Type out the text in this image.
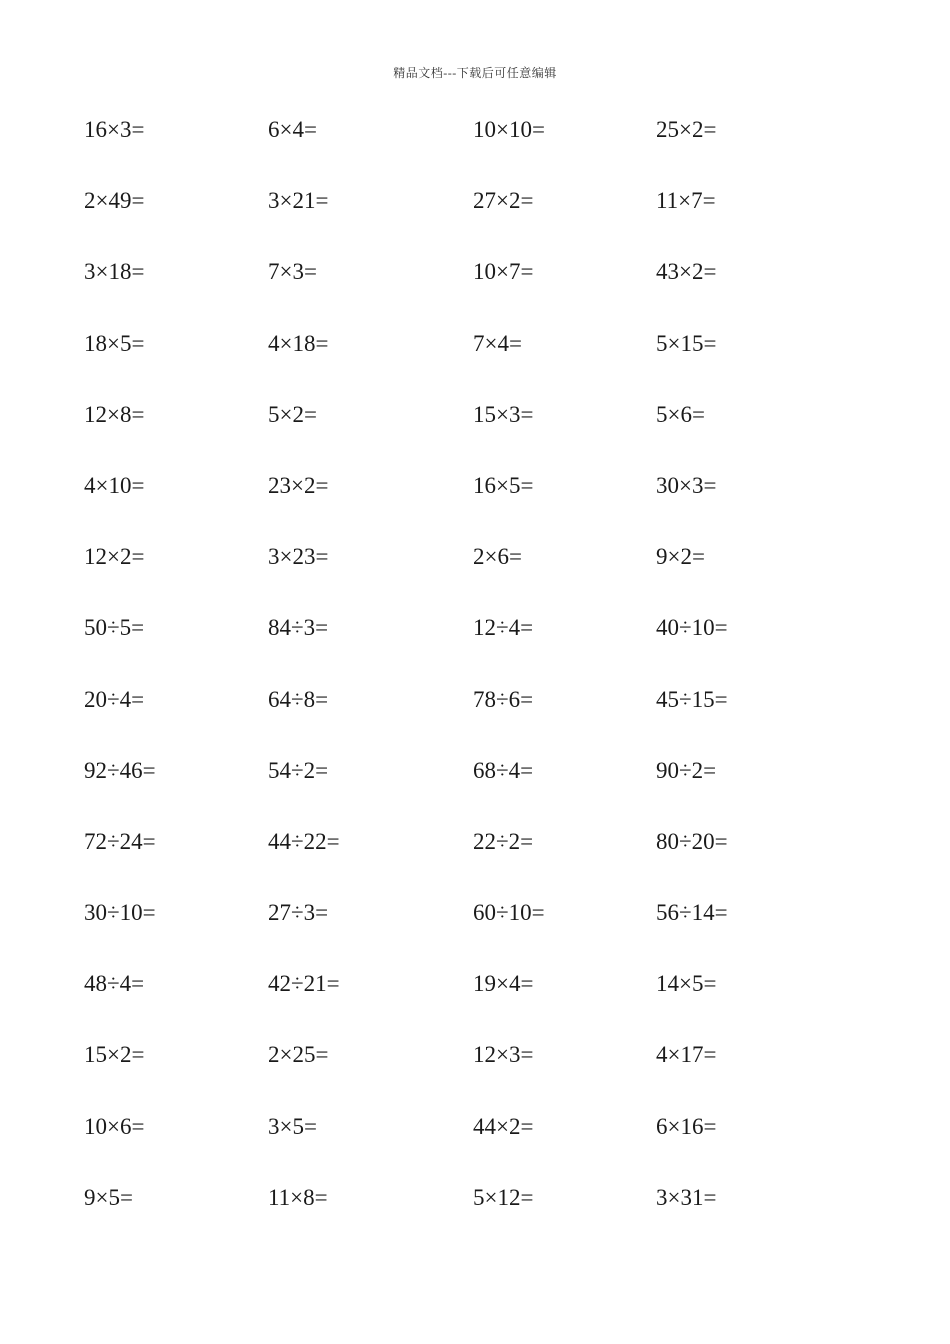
精品文档---下载后可任意编辑
16×3=	6×4=	10×10=	25×2=
2×49=	3×21=	27×2=	11×7=
3×18=	7×3=	10×7=	43×2=
18×5=	4×18=	7×4=	5×15=
12×8=	5×2=	15×3=	5×6=
4×10=	23×2=	16×5=	30×3=
12×2=	3×23=	2×6=	9×2=
50÷5=	84÷3=	12÷4=	40÷10=
20÷4=	64÷8=	78÷6=	45÷15=
92÷46=	54÷2=	68÷4=	90÷2=
72÷24=	44÷22=	22÷2=	80÷20=
30÷10=	27÷3=	60÷10=	56÷14=
48÷4=	42÷21=	19×4=	14×5=
15×2=	2×25=	12×3=	4×17=
10×6=	3×5=	44×2=	6×16=
9×5=	11×8=	5×12=	3×31=
